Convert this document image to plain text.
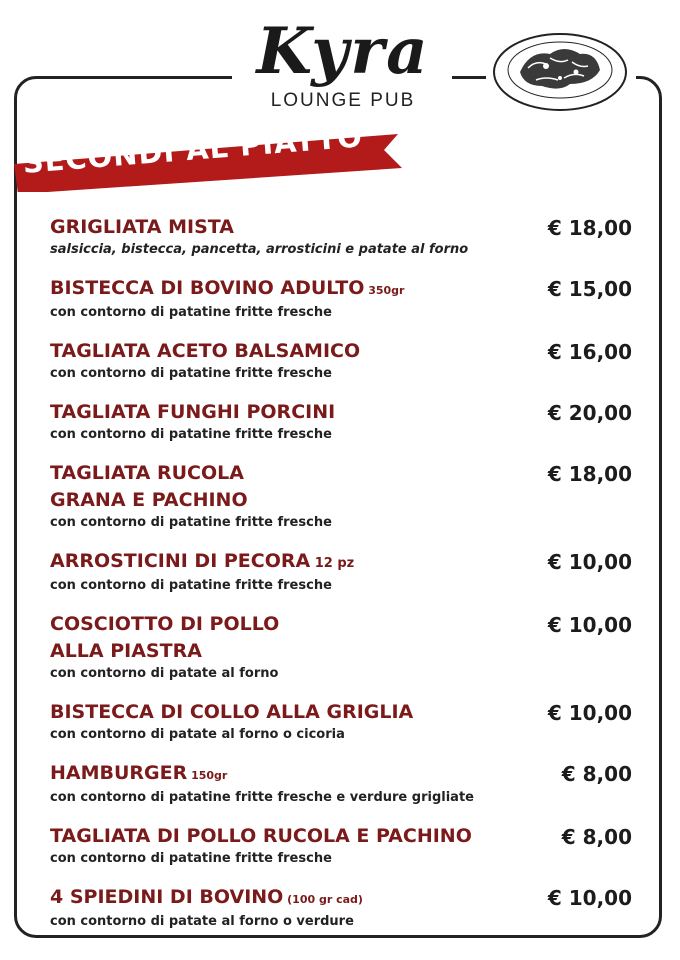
Kyra
LOUNGE PUB
SECONDI AL PIATTO
GRIGLIATA MISTA
salsiccia, bistecca, pancetta, arrosticini e patate al forno
€ 18,00
BISTECCA DI BOVINO ADULTO 350gr
con contorno di patatine fritte fresche
€ 15,00
TAGLIATA ACETO BALSAMICO
con contorno di patatine fritte fresche
€ 16,00
TAGLIATA FUNGHI PORCINI
con contorno di patatine fritte fresche
€ 20,00
TAGLIATA RUCOLA
GRANA E PACHINO
con contorno di patatine fritte fresche
€ 18,00
ARROSTICINI DI PECORA 12 pz
con contorno di patatine fritte fresche
€ 10,00
COSCIOTTO DI POLLO
ALLA PIASTRA
con contorno di patate al forno
€ 10,00
BISTECCA DI COLLO ALLA GRIGLIA
con contorno di patate al forno o cicoria
€ 10,00
HAMBURGER 150gr
con contorno di patatine fritte fresche e verdure grigliate
€ 8,00
TAGLIATA DI POLLO RUCOLA E PACHINO
con contorno di patatine fritte fresche
€ 8,00
4 SPIEDINI DI BOVINO (100 gr cad)
con contorno di patate al forno o verdure
€ 10,00
